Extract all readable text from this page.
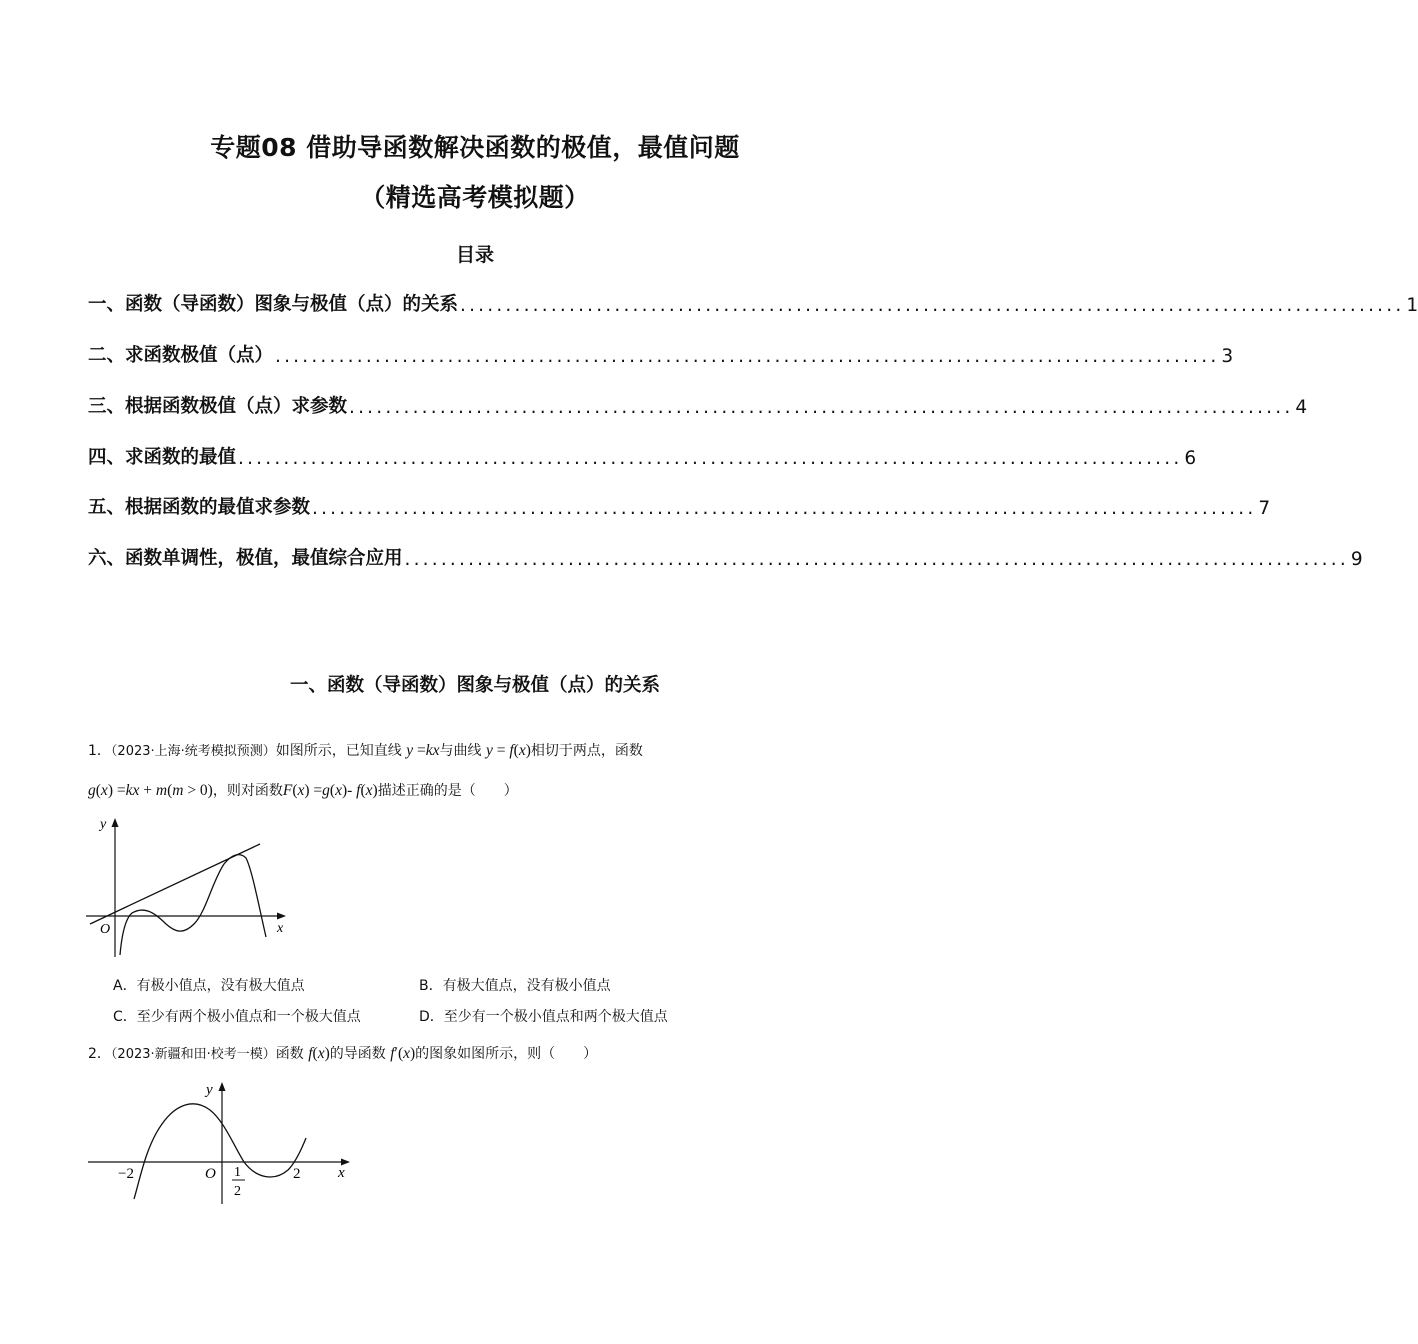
专题08 借助导函数解决函数的极值，最值问题
（精选高考模拟题）
目录
一、函数（导函数）图象与极值（点）的关系 ........................................................................................................ 1
二、求函数极值（点） ........................................................................................................ 3
三、根据函数极值（点）求参数 ........................................................................................................ 4
四、求函数的最值 ........................................................................................................ 6
五、根据函数的最值求参数 ........................................................................................................ 7
六、函数单调性，极值，最值综合应用 ........................................................................................................ 9
一、函数（导函数）图象与极值（点）的关系
1．（2023·上海·统考模拟预测）如图所示，已知直线 y =kx与曲线 y = f(x)相切于两点，函数
g(x) =kx + m(m > 0)，则对函数F(x) =g(x)- f(x)描述正确的是（　　）
y
x
O
A．有极小值点，没有极大值点	B．有极大值点，没有极小值点
C．至少有两个极小值点和一个极大值点	D．至少有一个极小值点和两个极大值点
2．（2023·新疆和田·校考一模）函数 f(x)的导函数 f′(x)的图象如图所示，则（　　）
y
x
O
−2	1
2
2
